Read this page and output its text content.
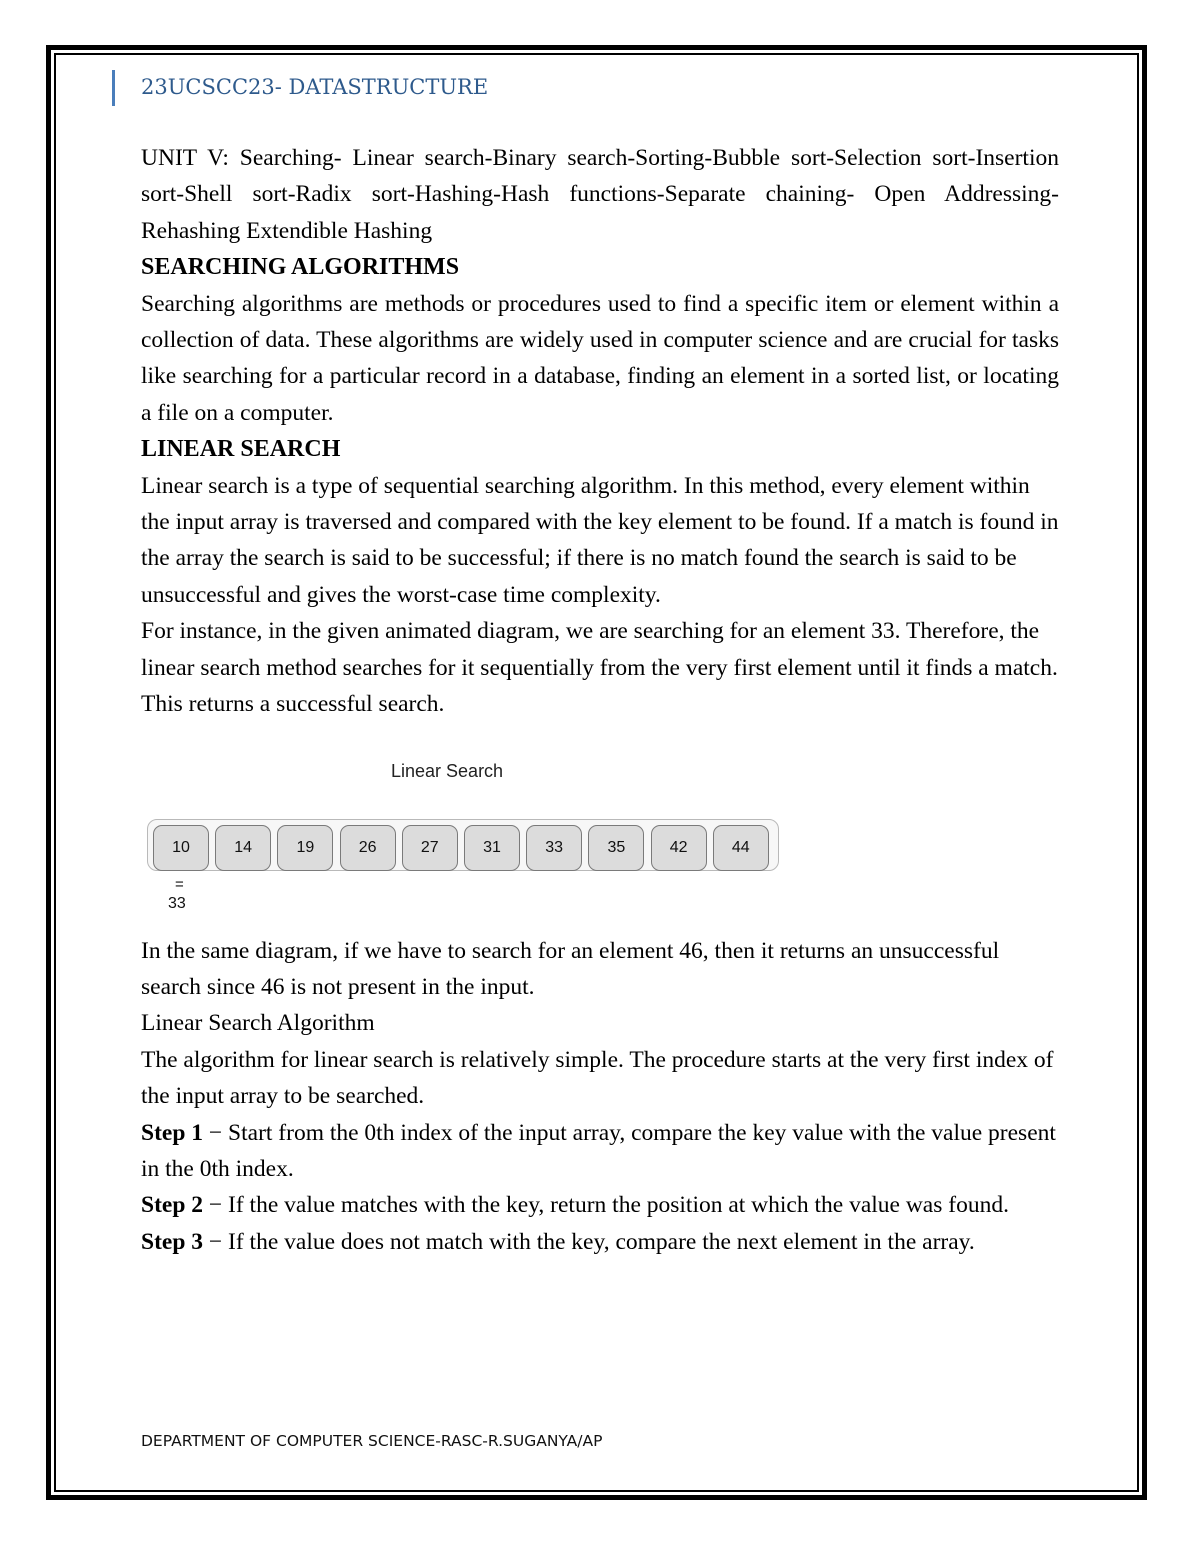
23UCSCC23- DATASTRUCTURE

UNIT V: Searching- Linear search-Binary search-Sorting-Bubble sort-Selection sort-Insertion sort-Shell sort-Radix sort-Hashing-Hash functions-Separate chaining- Open Addressing- Rehashing Extendible Hashing

SEARCHING ALGORITHMS

Searching algorithms are methods or procedures used to find a specific item or element within a collection of data. These algorithms are widely used in computer science and are crucial for tasks like searching for a particular record in a database, finding an element in a sorted list, or locating a file on a computer.

LINEAR SEARCH

Linear search is a type of sequential searching algorithm. In this method, every element within the input array is traversed and compared with the key element to be found. If a match is found in the array the search is said to be successful; if there is no match found the search is said to be unsuccessful and gives the worst-case time complexity.

For instance, in the given animated diagram, we are searching for an element 33. Therefore, the linear search method searches for it sequentially from the very first element until it finds a match. This returns a successful search.

Linear Search
10	14	19	26	27	31	33	35	42	44
=
33

In the same diagram, if we have to search for an element 46, then it returns an unsuccessful search since 46 is not present in the input.

Linear Search Algorithm

The algorithm for linear search is relatively simple. The procedure starts at the very first index of the input array to be searched.

Step 1 − Start from the 0th index of the input array, compare the key value with the value present in the 0th index.

Step 2 − If the value matches with the key, return the position at which the value was found.

Step 3 − If the value does not match with the key, compare the next element in the array.

DEPARTMENT OF COMPUTER SCIENCE-RASC-R.SUGANYA/AP
